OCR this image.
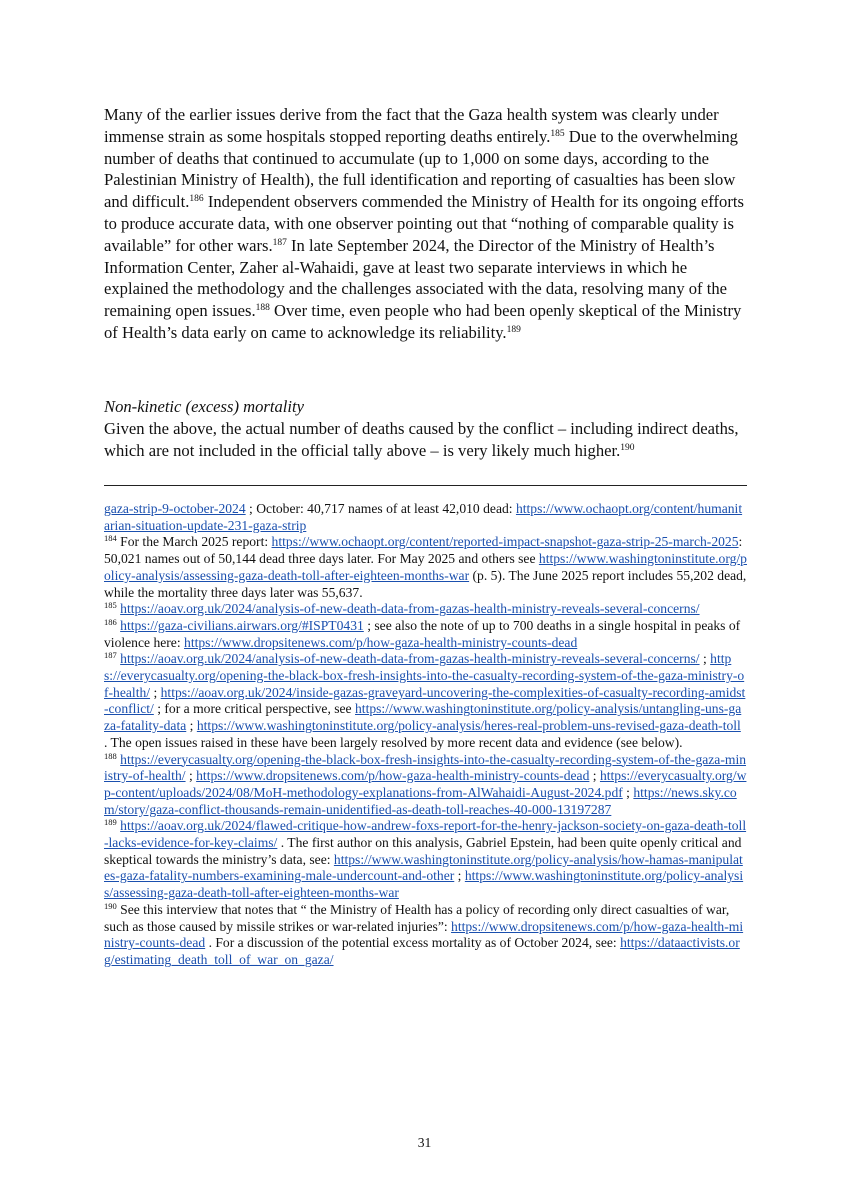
Many of the earlier issues derive from the fact that the Gaza health system was clearly under immense strain as some hospitals stopped reporting deaths entirely.$^{185}$ Due to the overwhelming number of deaths that continued to accumulate (up to 1,000 on some days, according to the Palestinian Ministry of Health), the full identification and reporting of casualties has been slow and difficult.$^{186}$ Independent observers commended the Ministry of Health for its ongoing efforts to produce accurate data, with one observer pointing out that “nothing of comparable quality is available” for other wars.$^{187}$ In late September 2024, the Director of the Ministry of Health’s Information Center, Zaher al-Wahaidi, gave at least two separate interviews in which he explained the methodology and the challenges associated with the data, resolving many of the remaining open issues.$^{188}$ Over time, even people who had been openly skeptical of the Ministry of Health’s data early on came to acknowledge its reliability.$^{189}$

Non-kinetic (excess) mortality
Given the above, the actual number of deaths caused by the conflict – including indirect deaths, which are not included in the official tally above – is very likely much higher.$^{190}$

gaza-strip-9-october-2024 ; October: 40,717 names of at least 42,010 dead: https://www.ochaopt.org/content/humanitarian-situation-update-231-gaza-strip

$^{184}$ For the March 2025 report: https://www.ochaopt.org/content/reported-impact-snapshot-gaza-strip-25-march-2025: 50,021 names out of 50,144 dead three days later. For May 2025 and others see https://www.washingtoninstitute.org/policy-analysis/assessing-gaza-death-toll-after-eighteen-months-war (p. 5). The June 2025 report includes 55,202 dead, while the mortality three days later was 55,637.

$^{185}$ https://aoav.org.uk/2024/analysis-of-new-death-data-from-gazas-health-ministry-reveals-several-concerns/

$^{186}$ https://gaza-civilians.airwars.org/#ISPT0431 ; see also the note of up to 700 deaths in a single hospital in peaks of violence here: https://www.dropsitenews.com/p/how-gaza-health-ministry-counts-dead

$^{187}$ https://aoav.org.uk/2024/analysis-of-new-death-data-from-gazas-health-ministry-reveals-several-concerns/ ; https://everycasualty.org/opening-the-black-box-fresh-insights-into-the-casualty-recording-system-of-the-gaza-ministry-of-health/ ; https://aoav.org.uk/2024/inside-gazas-graveyard-uncovering-the-complexities-of-casualty-recording-amidst-conflict/ ; for a more critical perspective, see https://www.washingtoninstitute.org/policy-analysis/untangling-uns-gaza-fatality-data ; https://www.washingtoninstitute.org/policy-analysis/heres-real-problem-uns-revised-gaza-death-toll . The open issues raised in these have been largely resolved by more recent data and evidence (see below).

$^{188}$ https://everycasualty.org/opening-the-black-box-fresh-insights-into-the-casualty-recording-system-of-the-gaza-ministry-of-health/ ; https://www.dropsitenews.com/p/how-gaza-health-ministry-counts-dead ; https://everycasualty.org/wp-content/uploads/2024/08/MoH-methodology-explanations-from-AlWahaidi-August-2024.pdf ; https://news.sky.com/story/gaza-conflict-thousands-remain-unidentified-as-death-toll-reaches-40-000-13197287

$^{189}$ https://aoav.org.uk/2024/flawed-critique-how-andrew-foxs-report-for-the-henry-jackson-society-on-gaza-death-toll-lacks-evidence-for-key-claims/ . The first author on this analysis, Gabriel Epstein, had been quite openly critical and skeptical towards the ministry’s data, see: https://www.washingtoninstitute.org/policy-analysis/how-hamas-manipulates-gaza-fatality-numbers-examining-male-undercount-and-other ; https://www.washingtoninstitute.org/policy-analysis/assessing-gaza-death-toll-after-eighteen-months-war

$^{190}$ See this interview that notes that “ the Ministry of Health has a policy of recording only direct casualties of war, such as those caused by missile strikes or war-related injuries”: https://www.dropsitenews.com/p/how-gaza-health-ministry-counts-dead . For a discussion of the potential excess mortality as of October 2024, see: https://dataactivists.org/estimating_death_toll_of_war_on_gaza/

31
